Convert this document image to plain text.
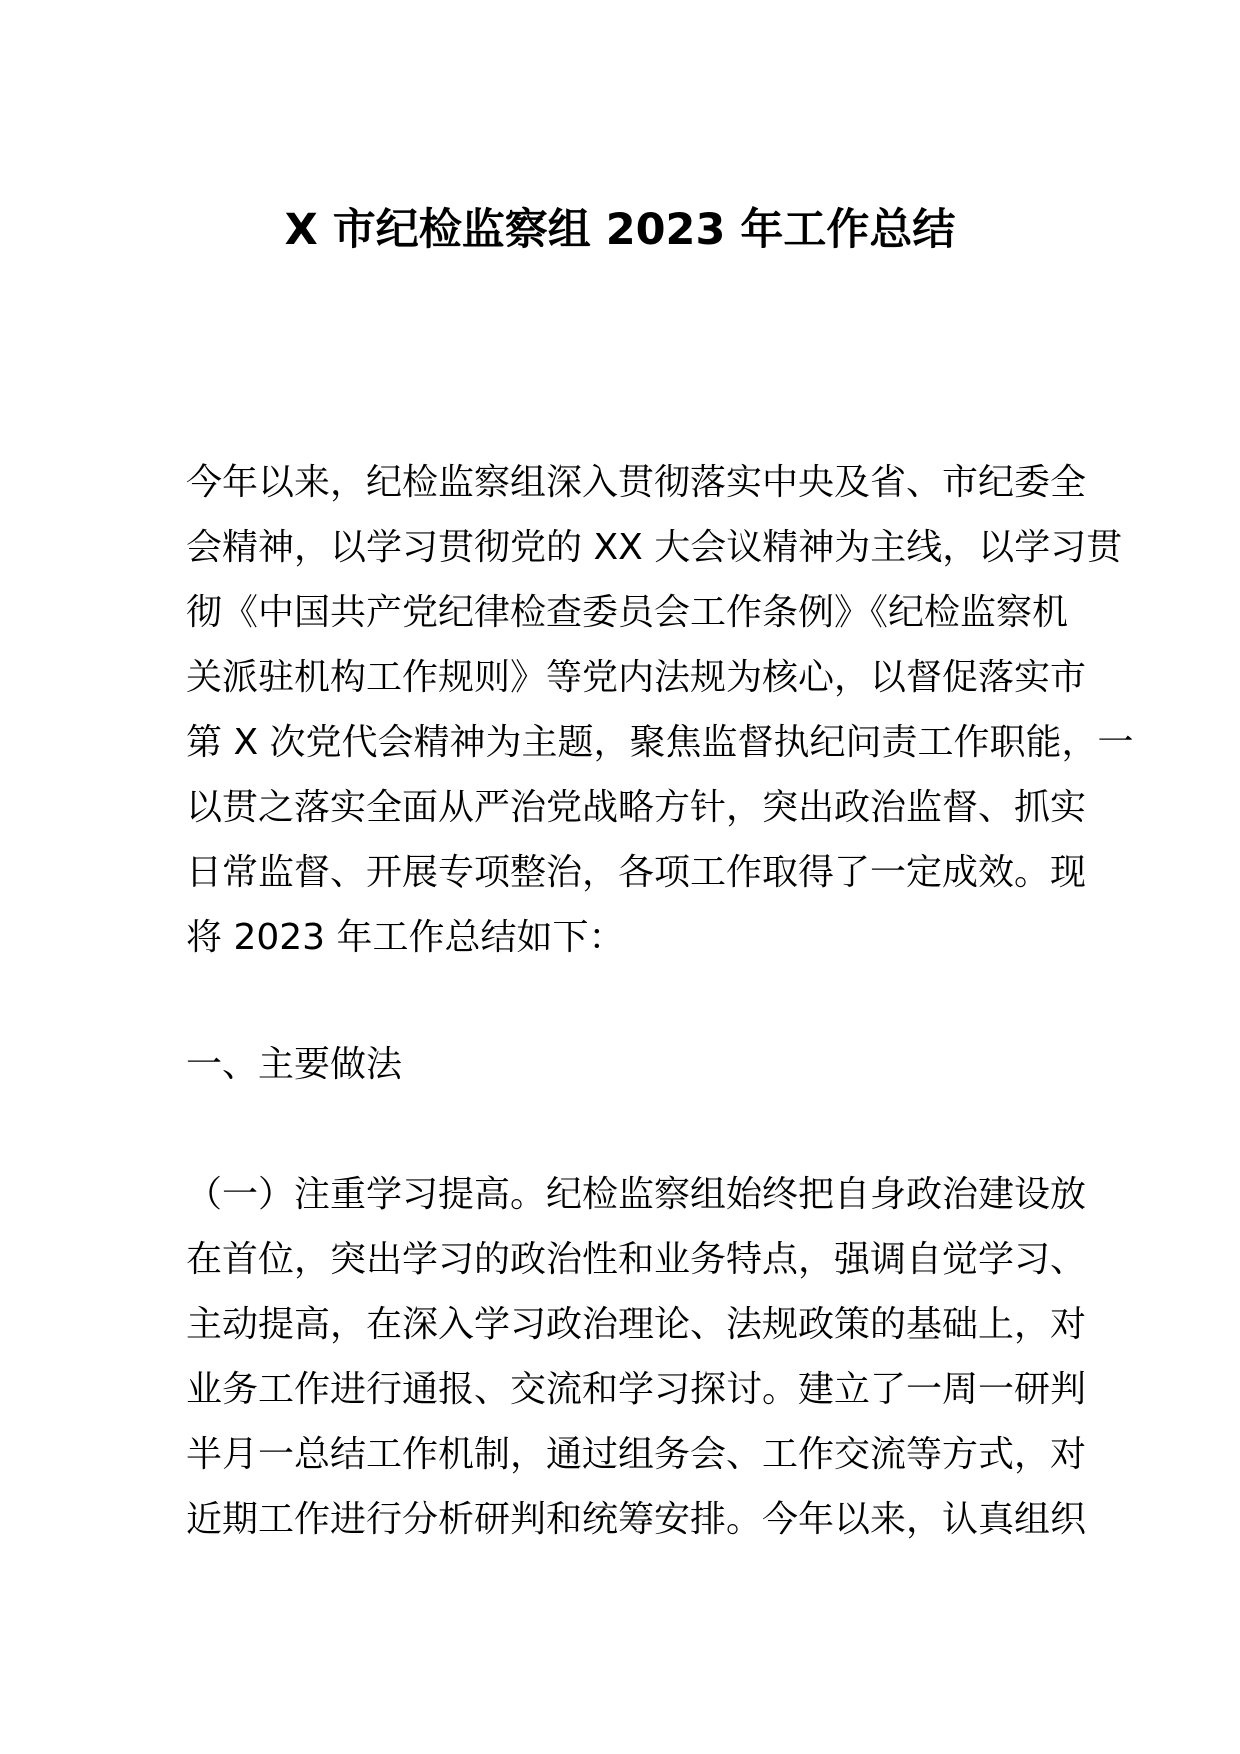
X 市纪检监察组 2023 年工作总结
今年以来，纪检监察组深入贯彻落实中央及省、市纪委全
会精神，以学习贯彻党的 XX 大会议精神为主线，以学习贯
彻《中国共产党纪律检查委员会工作条例》《纪检监察机
关派驻机构工作规则》等党内法规为核心，以督促落实市
第 X 次党代会精神为主题，聚焦监督执纪问责工作职能，一
以贯之落实全面从严治党战略方针，突出政治监督、抓实
日常监督、开展专项整治，各项工作取得了一定成效。现
将 2023 年工作总结如下：
一、主要做法
（一）注重学习提高。纪检监察组始终把自身政治建设放
在首位，突出学习的政治性和业务特点，强调自觉学习、
主动提高，在深入学习政治理论、法规政策的基础上，对
业务工作进行通报、交流和学习探讨。建立了一周一研判
半月一总结工作机制，通过组务会、工作交流等方式，对
近期工作进行分析研判和统筹安排。今年以来，认真组织
